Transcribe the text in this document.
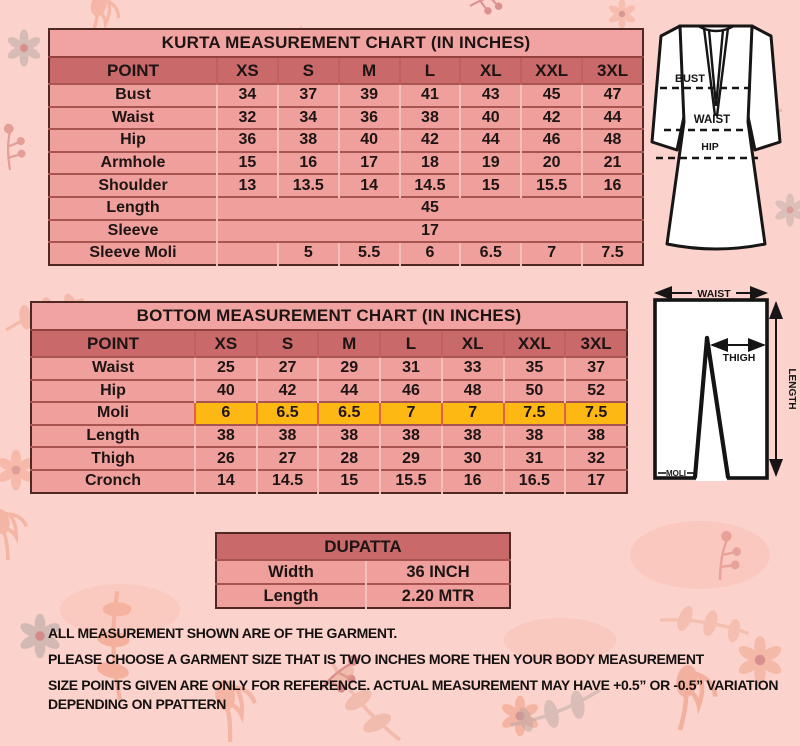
KURTA MEASUREMENT CHART (IN INCHES)							
POINT	XS	S	M	L	XL	XXL	3XL
Bust	34	37	39	41	43	45	47
Waist	32	34	36	38	40	42	44
Hip	36	38	40	42	44	46	48
Armhole	15	16	17	18	19	20	21
Shoulder	13	13.5	14	14.5	15	15.5	16
Length	45						
Sleeve	17						
Sleeve Moli		5	5.5	6	6.5	7	7.5
BOTTOM MEASUREMENT CHART (IN INCHES)							
POINT	XS	S	M	L	XL	XXL	3XL
Waist	25	27	29	31	33	35	37
Hip	40	42	44	46	48	50	52
Moli	6	6.5	6.5	7	7	7.5	7.5
Length	38	38	38	38	38	38	38
Thigh	26	27	28	29	30	31	32
Cronch	14	14.5	15	15.5	16	16.5	17
DUPATTA	
Width	36 INCH
Length	2.20 MTR

ALL MEASUREMENT SHOWN ARE OF THE GARMENT.

PLEASE CHOOSE A GARMENT SIZE THAT IS TWO INCHES MORE THEN YOUR BODY MEASUREMENT

SIZE POINTS GIVEN ARE ONLY FOR REFERENCE. ACTUAL MEASUREMENT MAY HAVE +0.5” OR -0.5” VARIATION DEPENDING ON PPATTERN

BUST
WAIST
HIP
WAIST
THIGH
LENGTH
MOLI
